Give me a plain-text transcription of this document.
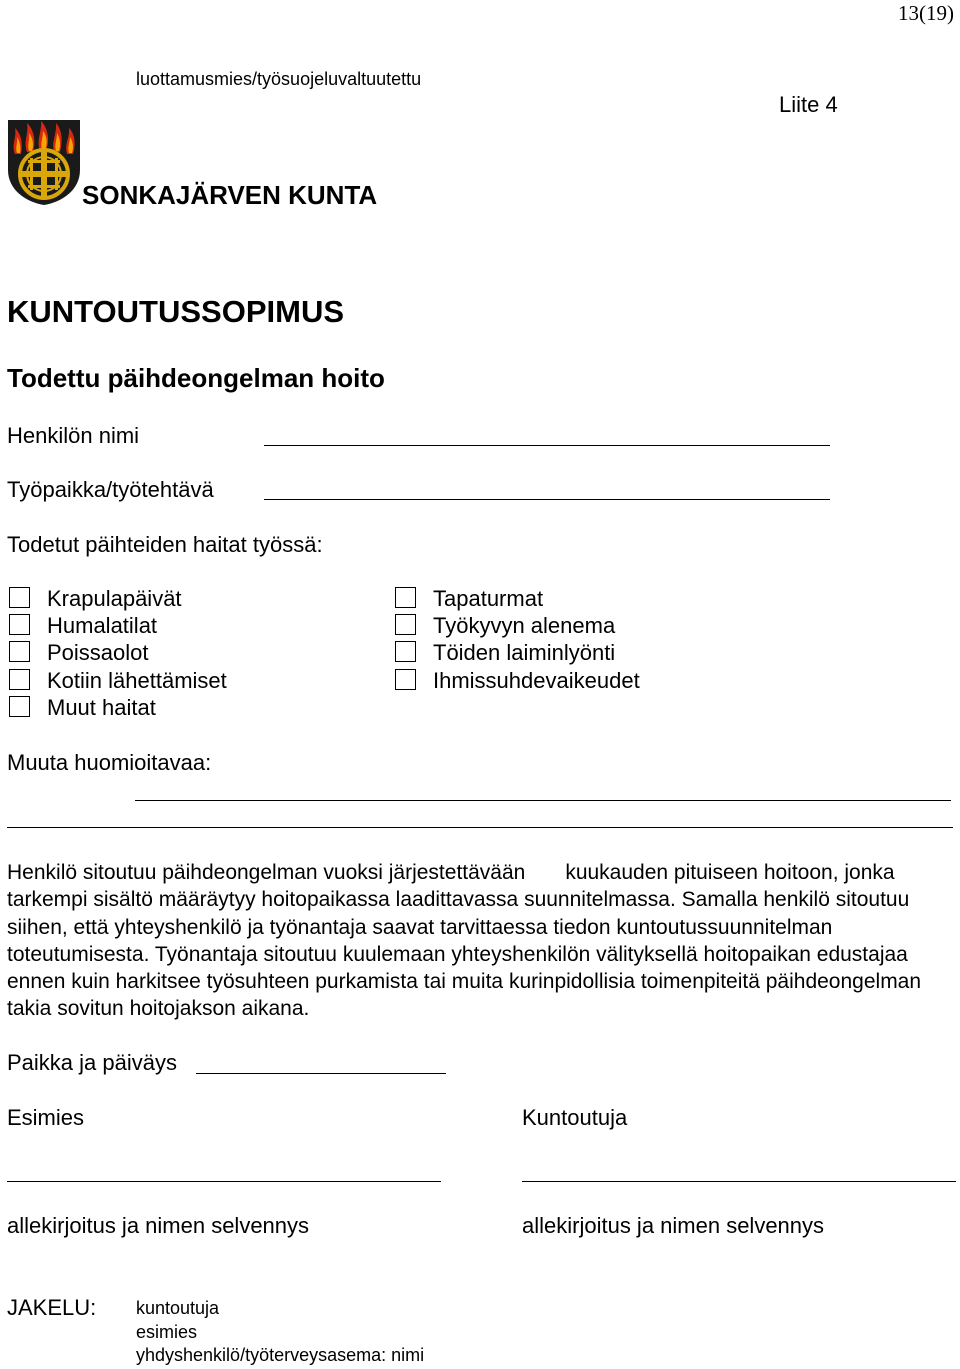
13(19)
luottamusmies/työsuojeluvaltuutettu
Liite 4
SONKAJÄRVEN KUNTA
KUNTOUTUSSOPIMUS
Todettu päihdeongelman hoito
Henkilön nimi
Työpaikka/työtehtävä
Todetut päihteiden haitat työssä:
Krapulapäivät
Humalatilat
Poissaolot
Kotiin lähettämiset
Muut haitat
Tapaturmat
Työkyvyn alenema
Töiden laiminlyönti
Ihmissuhdevaikeudet
Muuta huomioitavaa:
Henkilö sitoutuu päihdeongelman vuoksi järjestettävään kuukauden pituiseen hoitoon, jonka tarkempi sisältö määräytyy hoitopaikassa laadittavassa suunnitelmassa. Samalla henkilö sitoutuu siihen, että yhteyshenkilö ja työnantaja saavat tarvittaessa tiedon kuntoutussuunnitelman toteutumisesta. Työnantaja sitoutuu kuulemaan yhteyshenkilön välityksellä hoitopaikan edustajaa ennen kuin harkitsee työsuhteen purkamista tai muita kurinpidollisia toimenpiteitä päihdeongelman takia sovitun hoitojakson aikana.
Paikka ja päiväys
Esimies	Kuntoutuja
allekirjoitus ja nimen selvennys	allekirjoitus ja nimen selvennys
JAKELU: kuntoutuja
esimies
yhdyshenkilö/työterveysasema: nimi
